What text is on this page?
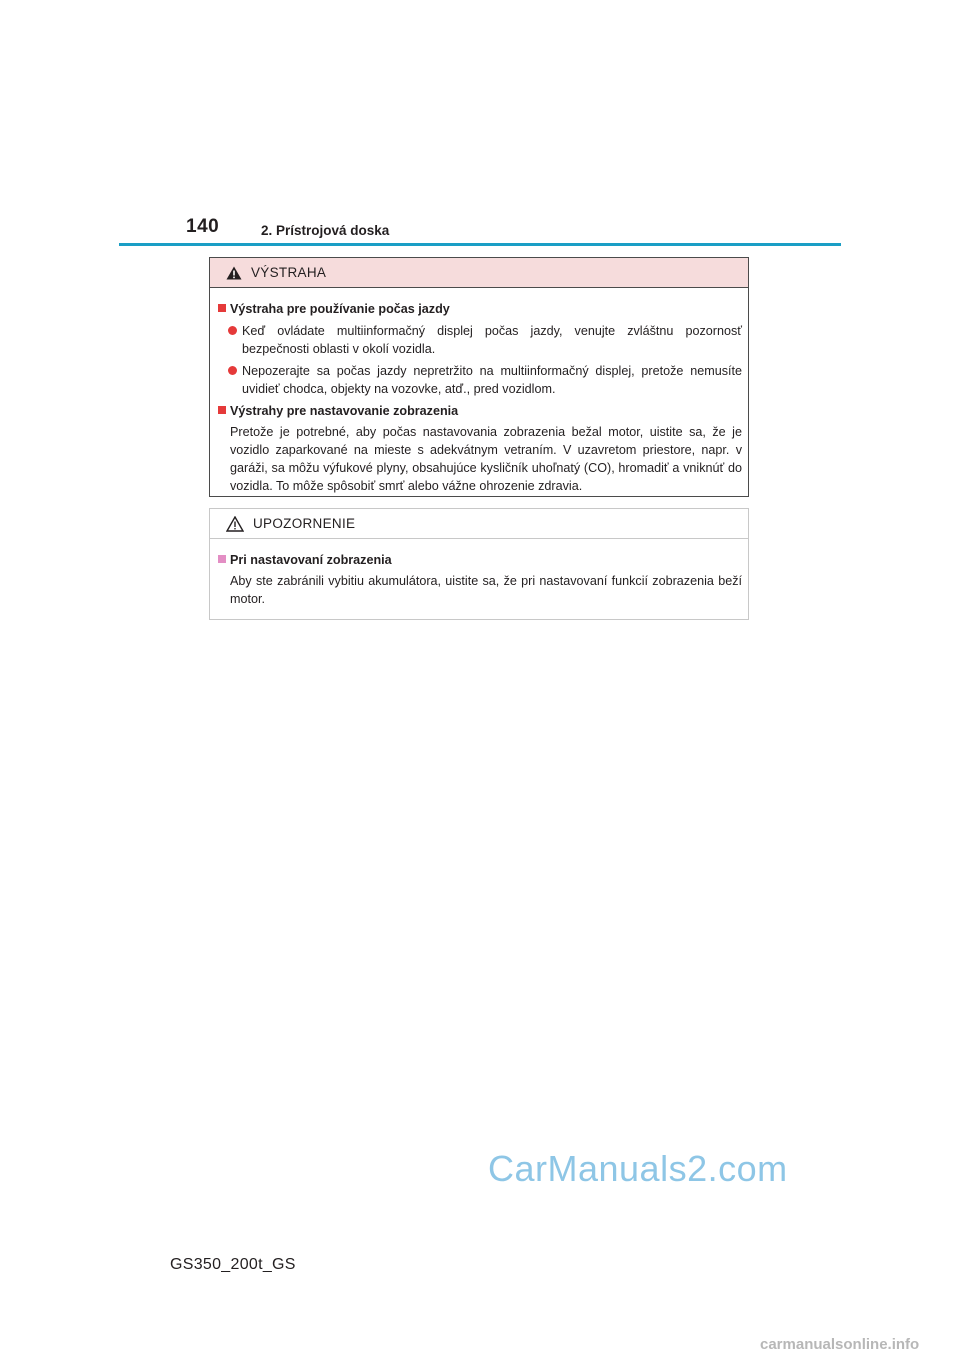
140	2. Prístrojová doska
VÝSTRAHA
Výstraha pre používanie počas jazdy
Keď ovládate multiinformačný displej počas jazdy, venujte zvláštnu pozornosť bezpečnosti oblasti v okolí vozidla.
Nepozerajte sa počas jazdy nepretržito na multiinformačný displej, pretože nemusíte uvidieť chodca, objekty na vozovke, atď., pred vozidlom.
Výstrahy pre nastavovanie zobrazenia
Pretože je potrebné, aby počas nastavovania zobrazenia bežal motor, uistite sa, že je vozidlo zaparkované na mieste s adekvátnym vetraním. V uzavretom priestore, napr. v garáži, sa môžu výfukové plyny, obsahujúce kysličník uhoľnatý (CO), hromadiť a vniknúť do vozidla. To môže spôsobiť smrť alebo vážne ohrozenie zdravia.
UPOZORNENIE
Pri nastavovaní zobrazenia
Aby ste zabránili vybitiu akumulátora, uistite sa, že pri nastavovaní funkcií zobrazenia beží motor.
CarManuals2.com
GS350_200t_GS
carmanualsonline.info
